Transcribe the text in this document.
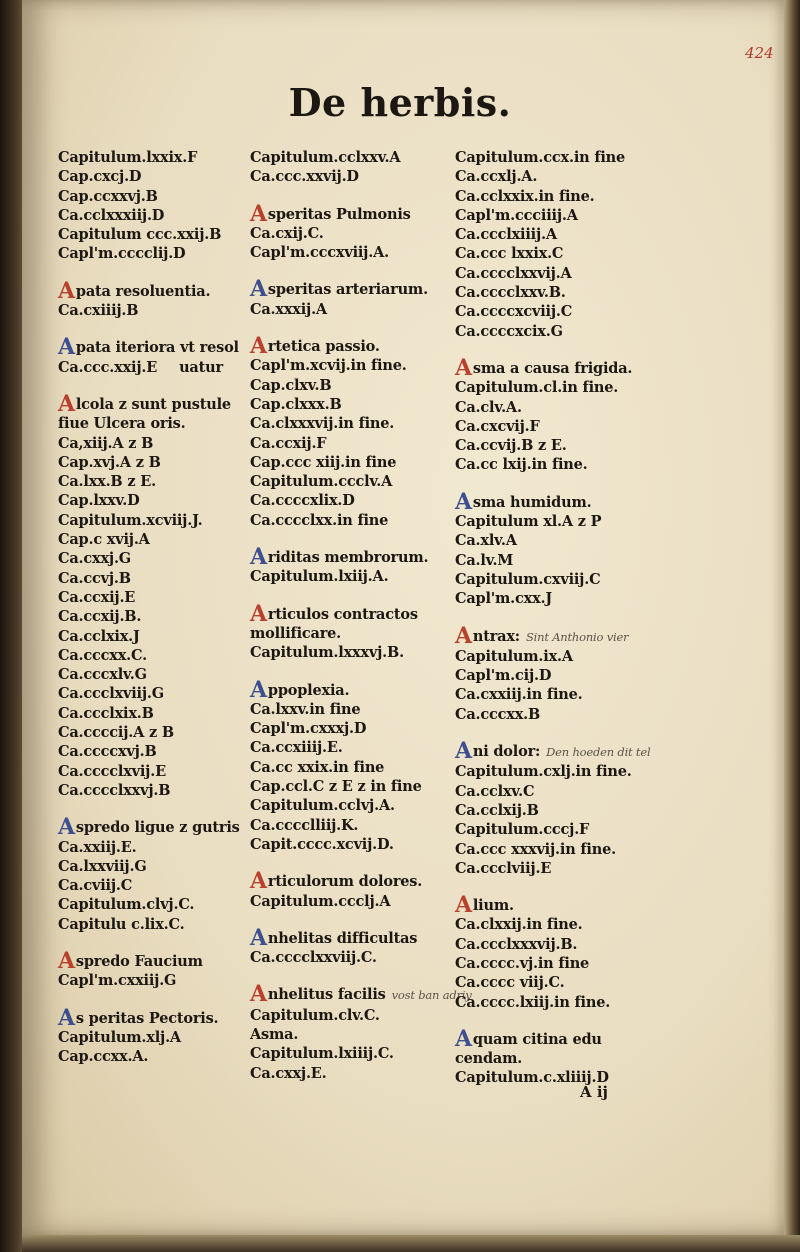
424
De herbis.
Capitulum.lxxix.F
Cap.cxcj.D
Cap.ccxxvj.B
Ca.cclxxxiij.D
Capitulum ccc.xxij.B
Capl'm.cccclij.D
Apata resoluentia.
Ca.cxiiij.B
Apata iteriora vt resol
Ca.ccc.xxij.E uatur
Alcola z sunt pustule
fiue Ulcera oris.
Ca,xiij.A z B
Cap.xvj.A z B
Ca.lxx.B z E.
Cap.lxxv.D
Capitulum.xcviij.J.
Cap.c xvij.A
Ca.cxxj.G
Ca.ccvj.B
Ca.ccxij.E
Ca.ccxij.B.
Ca.cclxix.J
Ca.cccxx.C.
Ca.cccxlv.G
Ca.ccclxviij.G
Ca.ccclxix.B
Ca.ccccij.A z B
Ca.ccccxvj.B
Ca.cccclxvij.E
Ca.cccclxxvj.B
Aspredo ligue z gutris
Ca.xxiij.E.
Ca.lxxviij.G
Ca.cviij.C
Capitulum.clvj.C.
Capitulu c.lix.C.
Aspredo Faucium
Capl'm.cxxiij.G
As peritas Pectoris.
Capitulum.xlj.A
Cap.ccxx.A.
Capitulum.cclxxv.A
Ca.ccc.xxvij.D
Asperitas Pulmonis
Ca.cxij.C.
Capl'm.cccxviij.A.
Asperitas arteriarum.
Ca.xxxij.A
Artetica passio.
Capl'm.xcvij.in fine.
Cap.clxv.B
Cap.clxxx.B
Ca.clxxxvij.in fine.
Ca.ccxij.F
Cap.ccc xiij.in fine
Capitulum.ccclv.A
Ca.ccccxlix.D
Ca.cccclxx.in fine
Ariditas membrorum.
Capitulum.lxiij.A.
Articulos contractos
mollificare.
Capitulum.lxxxvj.B.
Appoplexia.
Ca.lxxv.in fine
Capl'm.cxxxj.D
Ca.ccxiiij.E.
Ca.cc xxix.in fine
Cap.ccl.C z E z in fine
Capitulum.cclvj.A.
Ca.cccclliij.K.
Capit.cccc.xcvij.D.
Articulorum dolores.
Capitulum.ccclj.A
Anhelitas difficultas
Ca.cccclxxviij.C.
Anhelitus facilis vost ban adriy
Capitulum.clv.C.
Asma.
Capitulum.lxiiij.C.
Ca.cxxj.E.
Capitulum.ccx.in fine
Ca.ccxlj.A.
Ca.cclxxix.in fine.
Capl'm.ccciiij.A
Ca.ccclxiiij.A
Ca.ccc lxxix.C
Ca.cccclxxvij.A
Ca.cccclxxv.B.
Ca.ccccxcviij.C
Ca.ccccxcix.G
Asma a causa frigida.
Capitulum.cl.in fine.
Ca.clv.A.
Ca.cxcvij.F
Ca.ccvij.B z E.
Ca.cc lxij.in fine.
Asma humidum.
Capitulum xl.A z P
Ca.xlv.A
Ca.lv.M
Capitulum.cxviij.C
Capl'm.cxx.J
Antrax: Sint Anthonio vier
Capitulum.ix.A
Capl'm.cij.D
Ca.cxxiij.in fine.
Ca.cccxx.B
Ani dolor: Den hoeden dit tel
Capitulum.cxlj.in fine.
Ca.cclxv.C
Ca.cclxij.B
Capitulum.cccj.F
Ca.ccc xxxvij.in fine.
Ca.ccclviij.E
Alium.
Ca.clxxij.in fine.
Ca.ccclxxxvij.B.
Ca.cccc.vj.in fine
Ca.cccc viij.C.
Ca.cccc.lxiij.in fine.
Aquam citina edu
cendam.
Capitulum.c.xliiij.D
A ij
